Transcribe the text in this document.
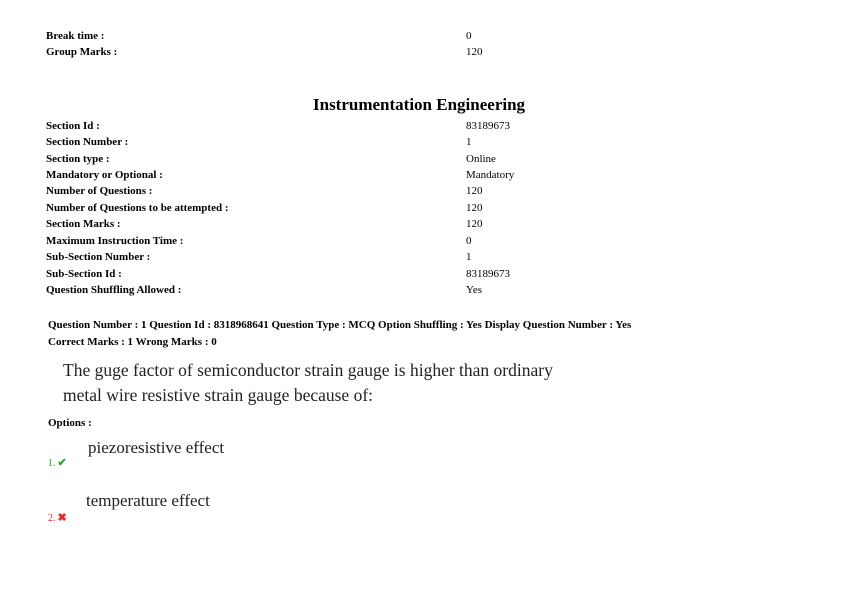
Break time :	0
Group Marks :	120
Instrumentation Engineering
Section Id :	83189673
Section Number :	1
Section type :	Online
Mandatory or Optional :	Mandatory
Number of Questions :	120
Number of Questions to be attempted :	120
Section Marks :	120
Maximum Instruction Time :	0
Sub-Section Number :	1
Sub-Section Id :	83189673
Question Shuffling Allowed :	Yes
Question Number : 1 Question Id : 8318968641 Question Type : MCQ Option Shuffling : Yes Display Question Number : Yes
Correct Marks : 1 Wrong Marks : 0
The guge factor of semiconductor strain gauge is higher than ordinary
metal wire resistive strain gauge because of:
Options :
piezoresistive effect
1. ✔
temperature effect
2. ✖
